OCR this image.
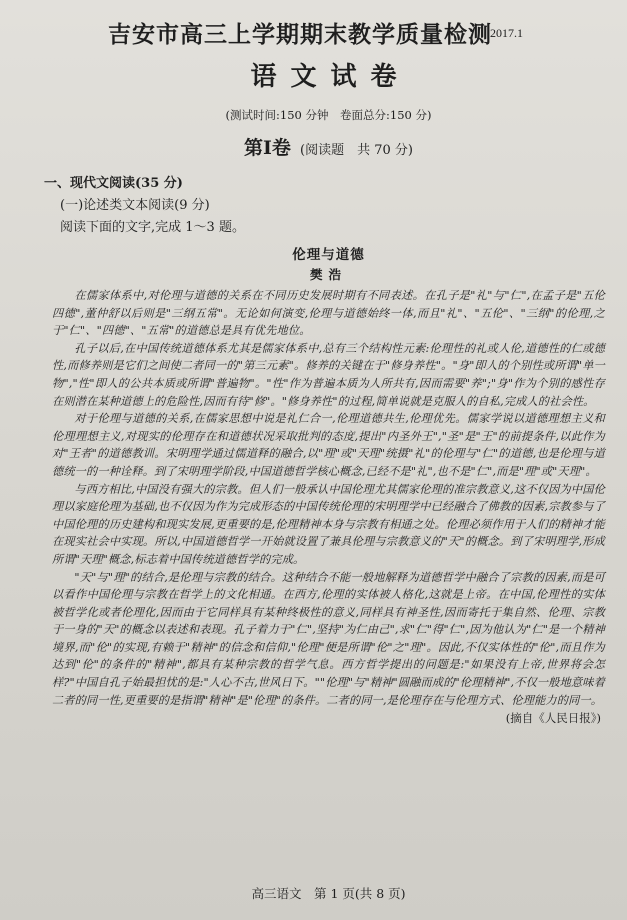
吉安市高三上学期期末教学质量检测
2017.1
语文试卷
(测试时间:150 分钟　卷面总分:150 分)
第Ⅰ卷 (阅读题　共 70 分)
一、现代文阅读(35 分)
(一)论述类文本阅读(9 分)
阅读下面的文字,完成 1～3 题。
伦理与道德
樊浩

在儒家体系中,对伦理与道德的关系在不同历史发展时期有不同表述。在孔子是"礼"与"仁",在孟子是"五伦四德",董仲舒以后则是"三纲五常"。无论如何演变,伦理与道德始终一体,而且"礼"、"五伦"、"三纲"的伦理,之于"仁"、"四德"、"五常"的道德总是具有优先地位。

孔子以后,在中国传统道德体系尤其是儒家体系中,总有三个结构性元素:伦理性的礼或人伦,道德性的仁或德性,而修养则是它们之间使二者同一的"第三元素"。修养的关键在于"修身养性"。"身"即人的个别性或所谓"单一物","性"即人的公共本质或所谓"普遍物"。"性"作为普遍本质为人所共有,因而需要"养";"身"作为个别的感性存在则潜在某种道德上的危险性,因而有待"修"。"修身养性"的过程,简单说就是克服人的自私,完成人的社会性。

对于伦理与道德的关系,在儒家思想中说是礼仁合一,伦理道德共生,伦理优先。儒家学说以道德理想主义和伦理理想主义,对现实的伦理存在和道德状况采取批判的态度,提出"内圣外王","圣"是"王"的前提条件,以此作为对"王者"的道德教训。宋明理学通过儒道释的融合,以"理"或"天理"统摄"礼"的伦理与"仁"的道德,也是伦理与道德统一的一种诠释。到了宋明理学阶段,中国道德哲学核心概念,已经不是"礼",也不是"仁",而是"理"或"天理"。

与西方相比,中国没有强大的宗教。但人们一般承认中国伦理尤其儒家伦理的准宗教意义,这不仅因为中国伦理以家庭伦理为基础,也不仅因为作为完成形态的中国传统伦理的宋明理学中已经融合了佛教的因素,宗教参与了中国伦理的历史建构和现实发展,更重要的是,伦理精神本身与宗教有相通之处。伦理必须作用于人们的精神才能在现实社会中实现。所以,中国道德哲学一开始就设置了兼具伦理与宗教意义的"天"的概念。到了宋明理学,形成所谓"天理"概念,标志着中国传统道德哲学的完成。

"天"与"理"的结合,是伦理与宗教的结合。这种结合不能一般地解释为道德哲学中融合了宗教的因素,而是可以看作中国伦理与宗教在哲学上的文化相通。在西方,伦理的实体被人格化,这就是上帝。在中国,伦理性的实体被哲学化或者伦理化,因而由于它同样具有某种终极性的意义,同样具有神圣性,因而寄托于集自然、伦理、宗教于一身的"天"的概念以表述和表现。孔子着力于"仁",坚持"为仁由己",求"仁"得"仁",因为他认为"仁"是一个精神境界,而"伦"的实现,有赖于"精神"的信念和信仰,"伦理"便是所谓"伦"之"理"。因此,不仅实体性的"伦",而且作为达到"伦"的条件的"精神",都具有某种宗教的哲学气息。西方哲学提出的问题是:"如果没有上帝,世界将会怎样?"中国自孔子始最担忧的是:"人心不古,世风日下。""伦理"与"精神"圆融而成的"伦理精神",不仅一般地意味着二者的同一性,更重要的是指谓"精神"是"伦理"的条件。二者的同一,是伦理存在与伦理方式、伦理能力的同一。

(摘自《人民日报》)
高三语文　第 1 页(共 8 页)
